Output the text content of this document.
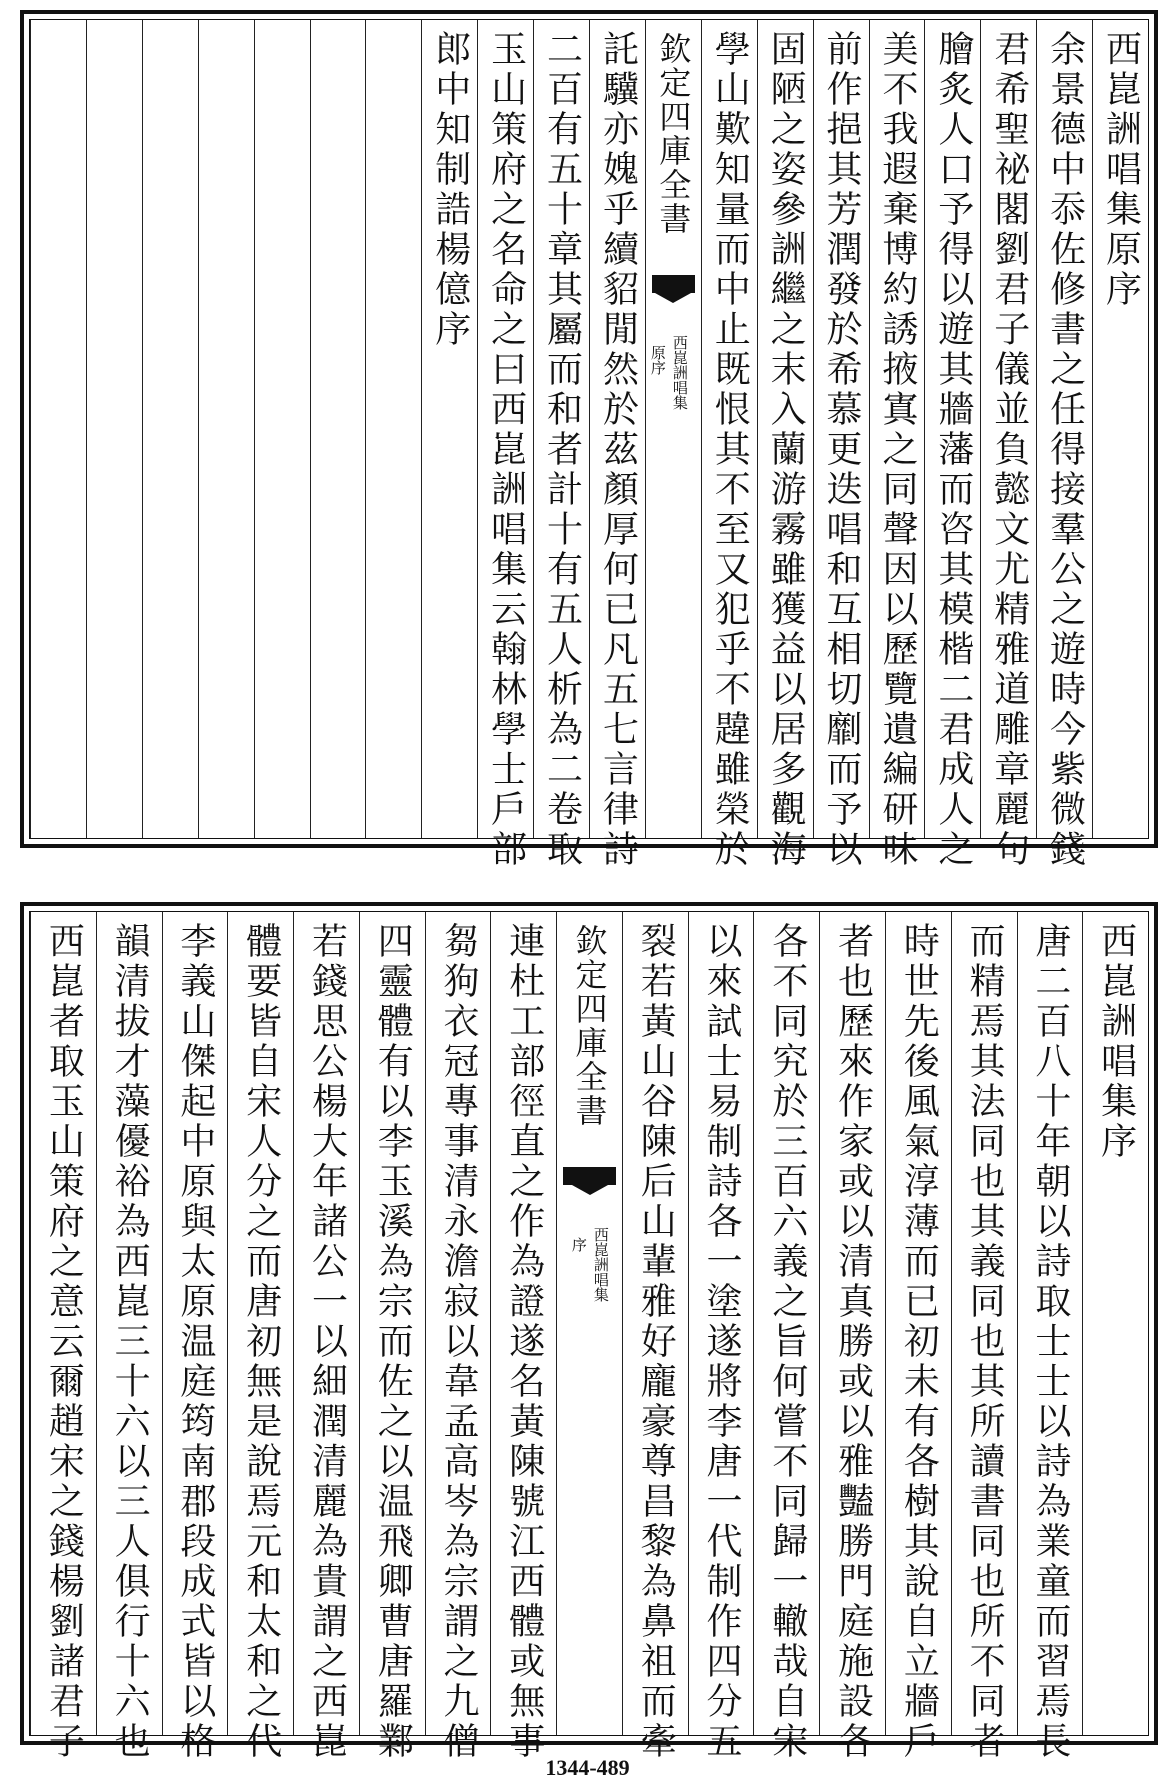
西崑詶唱集原序
余景德中忝佐修書之任得接羣公之遊時今紫微錢
君希聖祕閣劉君子儀並負懿文尤精雅道雕章麗句
膾炙人口予得以遊其牆藩而咨其模楷二君成人之
美不我遐棄博約誘掖寘之同聲因以歷覽遺編研味
前作挹其芳潤發於希慕更迭唱和互相切劘而予以
固陋之姿參詶繼之末入蘭游霧雖獲益以居多觀海
學山歎知量而中止既恨其不至又犯乎不韙雖榮於
欽定四庫全書
西崑詶唱集
原序
託驥亦媿乎續貂閒然於茲顏厚何已凡五七言律詩
二百有五十章其屬而和者計十有五人析為二卷取
玉山策府之名命之曰西崑詶唱集云翰林學士戶部
郎中知制誥楊億序
西崑詶唱集序
唐二百八十年朝以詩取士士以詩為業童而習焉長
而精焉其法同也其義同也其所讀書同也所不同者
時世先後風氣淳薄而已初未有各樹其說自立牆戶
者也歷來作家或以清真勝或以雅豔勝門庭施設各
各不同究於三百六義之旨何嘗不同歸一轍哉自宋
以來試士易制詩各一塗遂將李唐一代制作四分五
裂若黃山谷陳后山輩雅好龐豪尊昌黎為鼻祖而牽
欽定四庫全書
西崑詶唱集
序
連杜工部徑直之作為證遂名黃陳號江西體或無事
芻狗衣冠專事清永澹寂以韋孟高岑為宗謂之九僧
四靈體有以李玉溪為宗而佐之以温飛卿曹唐羅鄴
若錢思公楊大年諸公一以細潤清麗為貴謂之西崑
體要皆自宋人分之而唐初無是說焉元和太和之代
李義山傑起中原與太原温庭筠南郡段成式皆以格
韻清拔才藻優裕為西崑三十六以三人俱行十六也
西崑者取玉山策府之意云爾趙宋之錢楊劉諸君子
1344-489
